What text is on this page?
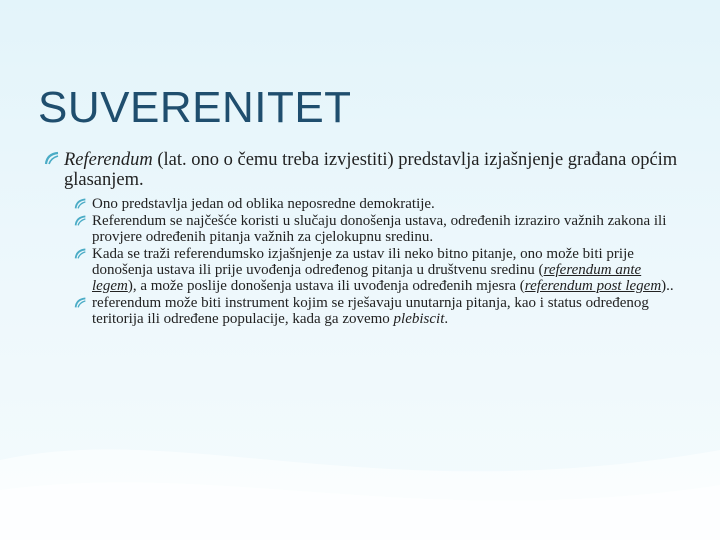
SUVERENITET
Referendum (lat. ono o čemu treba izvjestiti) predstavlja izjašnjenje građana općim glasanjem.
Ono predstavlja jedan od oblika neposredne demokratije.
Referendum se najčešće koristi u slučaju donošenja ustava, određenih izraziro važnih zakona ili provjere određenih pitanja važnih za cjelokupnu sredinu.
Kada se traži referendumsko izjašnjenje za ustav ili neko bitno pitanje, ono može biti prije donošenja ustava ili prije uvođenja određenog pitanja u društvenu sredinu (referendum ante legem), a može poslije donošenja ustava ili uvođenja određenih mjesra (referendum post legem)..
referendum može biti instrument kojim se rješavaju unutarnja pitanja, kao i status određenog teritorija ili određene populacije, kada ga zovemo plebiscit.
